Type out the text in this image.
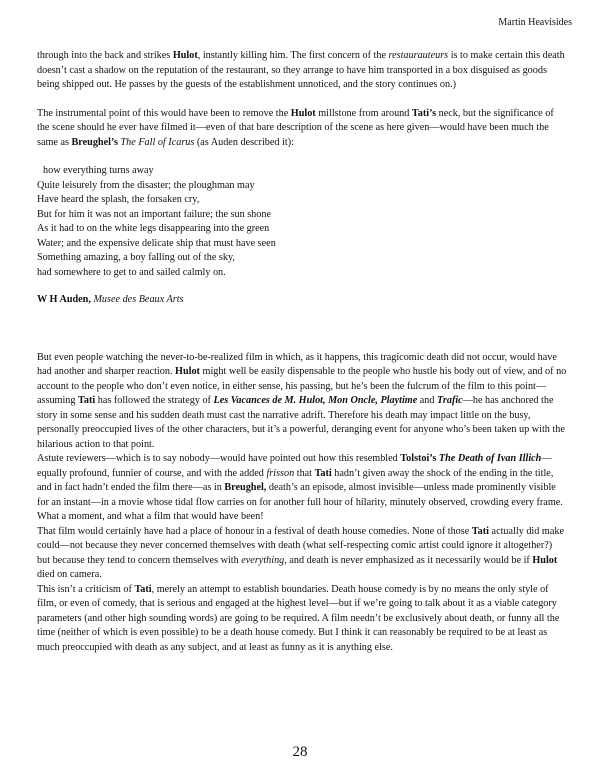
Martin Heavisides

through into the back and strikes Hulot, instantly killing him. The first concern of the restaurauteurs is to make certain this death doesn’t cast a shadow on the reputation of the restaurant, so they arrange to have him transported in a box disguised as goods being shipped out. He passes by the guests of the establishment unnoticed, and the story continues on.)

The instrumental point of this would have been to remove the Hulot millstone from around Tati’s neck, but the significance of the scene should he ever have filmed it—even of that bare description of the scene as here given—would have been much the same as Breughel’s The Fall of Icarus (as Auden described it):

how everything turns away
Quite leisurely from the disaster; the ploughman may
Have heard the splash, the forsaken cry,
But for him it was not an important failure; the sun shone
As it had to on the white legs disappearing into the green
Water; and the expensive delicate ship that must have seen
Something amazing, a boy falling out of the sky,
had somewhere to get to and sailed calmly on.

W H Auden, Musee des Beaux Arts

But even people watching the never-to-be-realized film in which, as it happens, this tragicomic death did not occur, would have had another and sharper reaction. Hulot might well be easily dispensable to the people who hustle his body out of view, and of no account to the people who don’t even notice, in either sense, his passing, but he’s been the fulcrum of the film to this point—assuming Tati has followed the strategy of Les Vacances de M. Hulot, Mon Oncle, Playtime and Trafic—he has anchored the story in some sense and his sudden death must cast the narrative adrift. Therefore his death may impact little on the busy, personally preoccupied lives of the other characters, but it’s a powerful, deranging event for anyone who’s been taken up with the hilarious action to that point.

Astute reviewers—which is to say nobody—would have pointed out how this resembled Tolstoi’s The Death of Ivan Illich—equally profound, funnier of course, and with the added frisson that Tati hadn’t given away the shock of the ending in the title, and in fact hadn’t ended the film there—as in Breughel, death’s an episode, almost invisible—unless made prominently visible for an instant—in a movie whose tidal flow carries on for another full hour of hilarity, minutely observed, crowding every frame. What a moment, and what a film that would have been!

That film would certainly have had a place of honour in a festival of death house comedies. None of those Tati actually did make could—not because they never concerned themselves with death (what self-respecting comic artist could ignore it altogether?) but because they tend to concern themselves with everything, and death is never emphasized as it necessarily would be if Hulot died on camera.

This isn’t a criticism of Tati, merely an attempt to establish boundaries. Death house comedy is by no means the only style of film, or even of comedy, that is serious and engaged at the highest level—but if we’re going to talk about it as a viable category parameters (and other high sounding words) are going to be required. A film needn’t be exclusively about death, or funny all the time (neither of which is even possible) to be a death house comedy. But I think it can reasonably be required to be at least as much preoccupied with death as any subject, and at least as funny as it is anything else.

28
